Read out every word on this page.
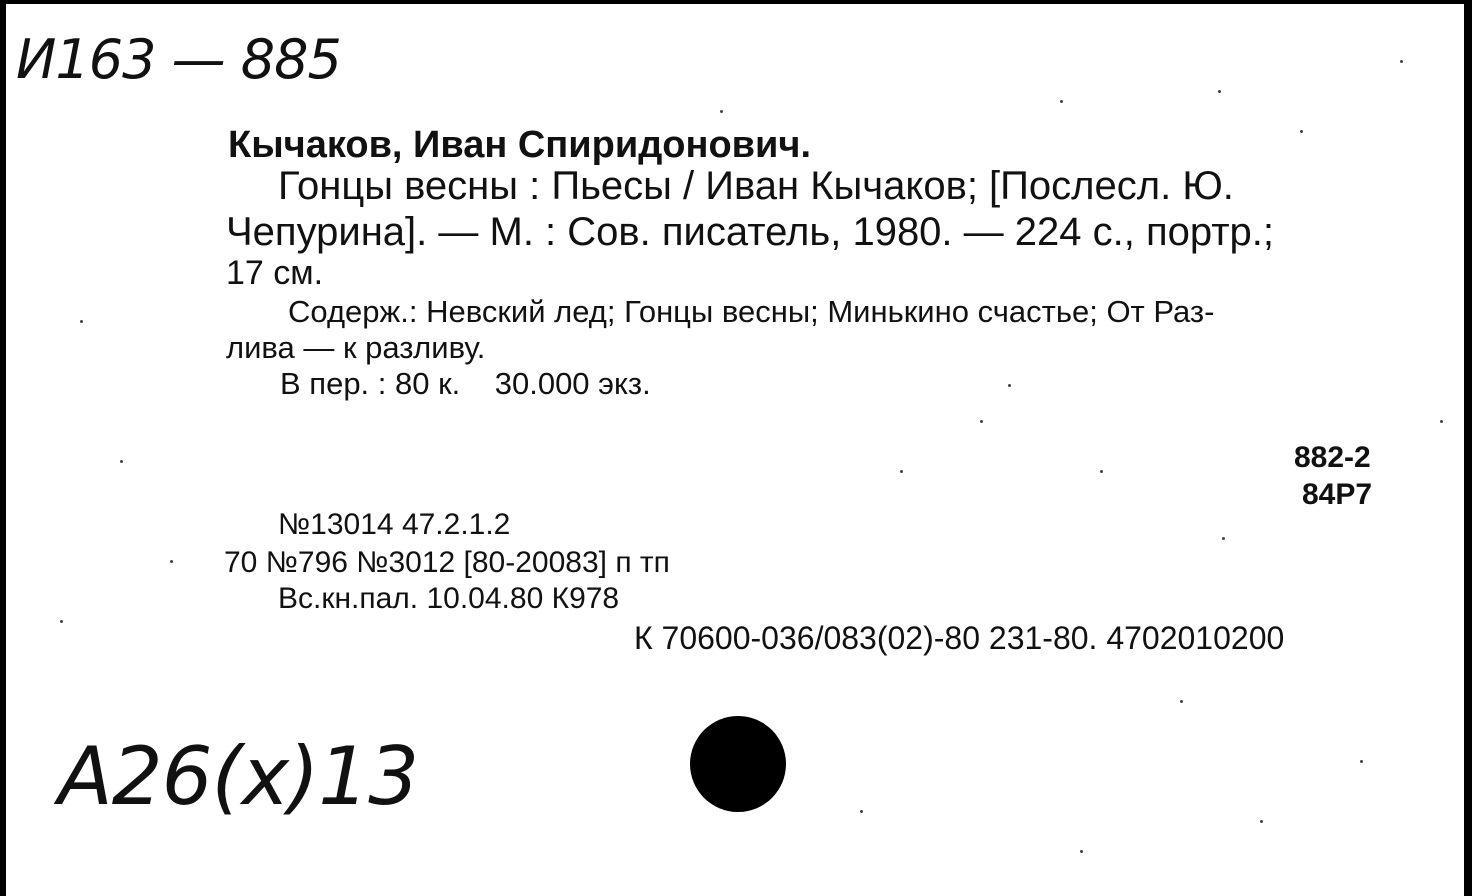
И163 — 885
Кычаков, Иван Спиридонович.
Гонцы весны : Пьесы / Иван Кычаков; [Послесл. Ю.
Чепурина]. — М. : Сов. писатель, 1980. — 224 с., портр.;
17 см.
Содерж.: Невский лед; Гонцы весны; Минькино счастье; От Раз-
лива — к разливу.
В пер. : 80 к.    30.000 экз.
882-2
84Р7
№13014 47.2.1.2
70 №796 №3012 [80-20083] п тп
Вс.кн.пал. 10.04.80 К978
К 70600-036/083(02)-80 231-80. 4702010200
А26(х)13
